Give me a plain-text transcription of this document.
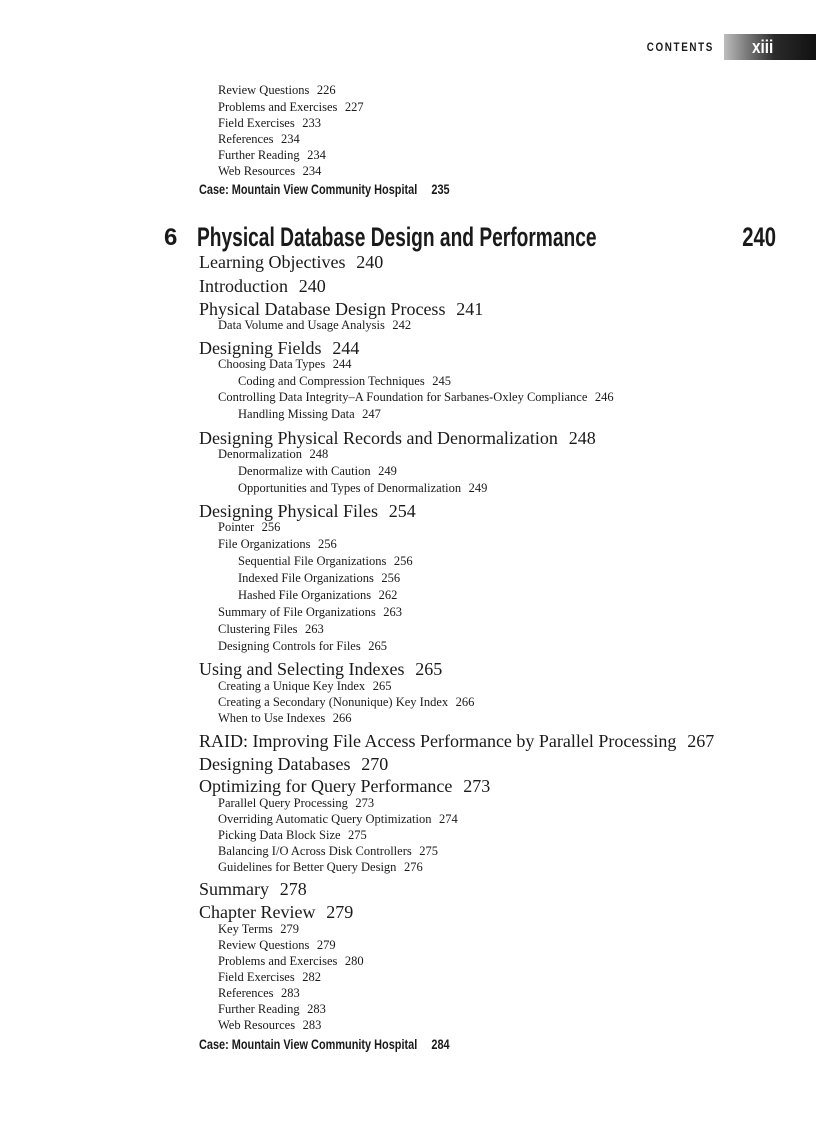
CONTENTS xiii
Review Questions 226
Problems and Exercises 227
Field Exercises 233
References 234
Further Reading 234
Web Resources 234
Case: Mountain View Community Hospital 235
6 Physical Database Design and Performance	240
Learning Objectives 240
Introduction 240
Physical Database Design Process 241
Data Volume and Usage Analysis 242
Designing Fields 244
Choosing Data Types 244
Coding and Compression Techniques 245
Controlling Data Integrity–A Foundation for Sarbanes-Oxley Compliance 246
Handling Missing Data 247
Designing Physical Records and Denormalization 248
Denormalization 248
Denormalize with Caution 249
Opportunities and Types of Denormalization 249
Designing Physical Files 254
Pointer 256
File Organizations 256
Sequential File Organizations 256
Indexed File Organizations 256
Hashed File Organizations 262
Summary of File Organizations 263
Clustering Files 263
Designing Controls for Files 265
Using and Selecting Indexes 265
Creating a Unique Key Index 265
Creating a Secondary (Nonunique) Key Index 266
When to Use Indexes 266
RAID: Improving File Access Performance by Parallel Processing 267
Designing Databases 270
Optimizing for Query Performance 273
Parallel Query Processing 273
Overriding Automatic Query Optimization 274
Picking Data Block Size 275
Balancing I/O Across Disk Controllers 275
Guidelines for Better Query Design 276
Summary 278
Chapter Review 279
Key Terms 279
Review Questions 279
Problems and Exercises 280
Field Exercises 282
References 283
Further Reading 283
Web Resources 283
Case: Mountain View Community Hospital 284
